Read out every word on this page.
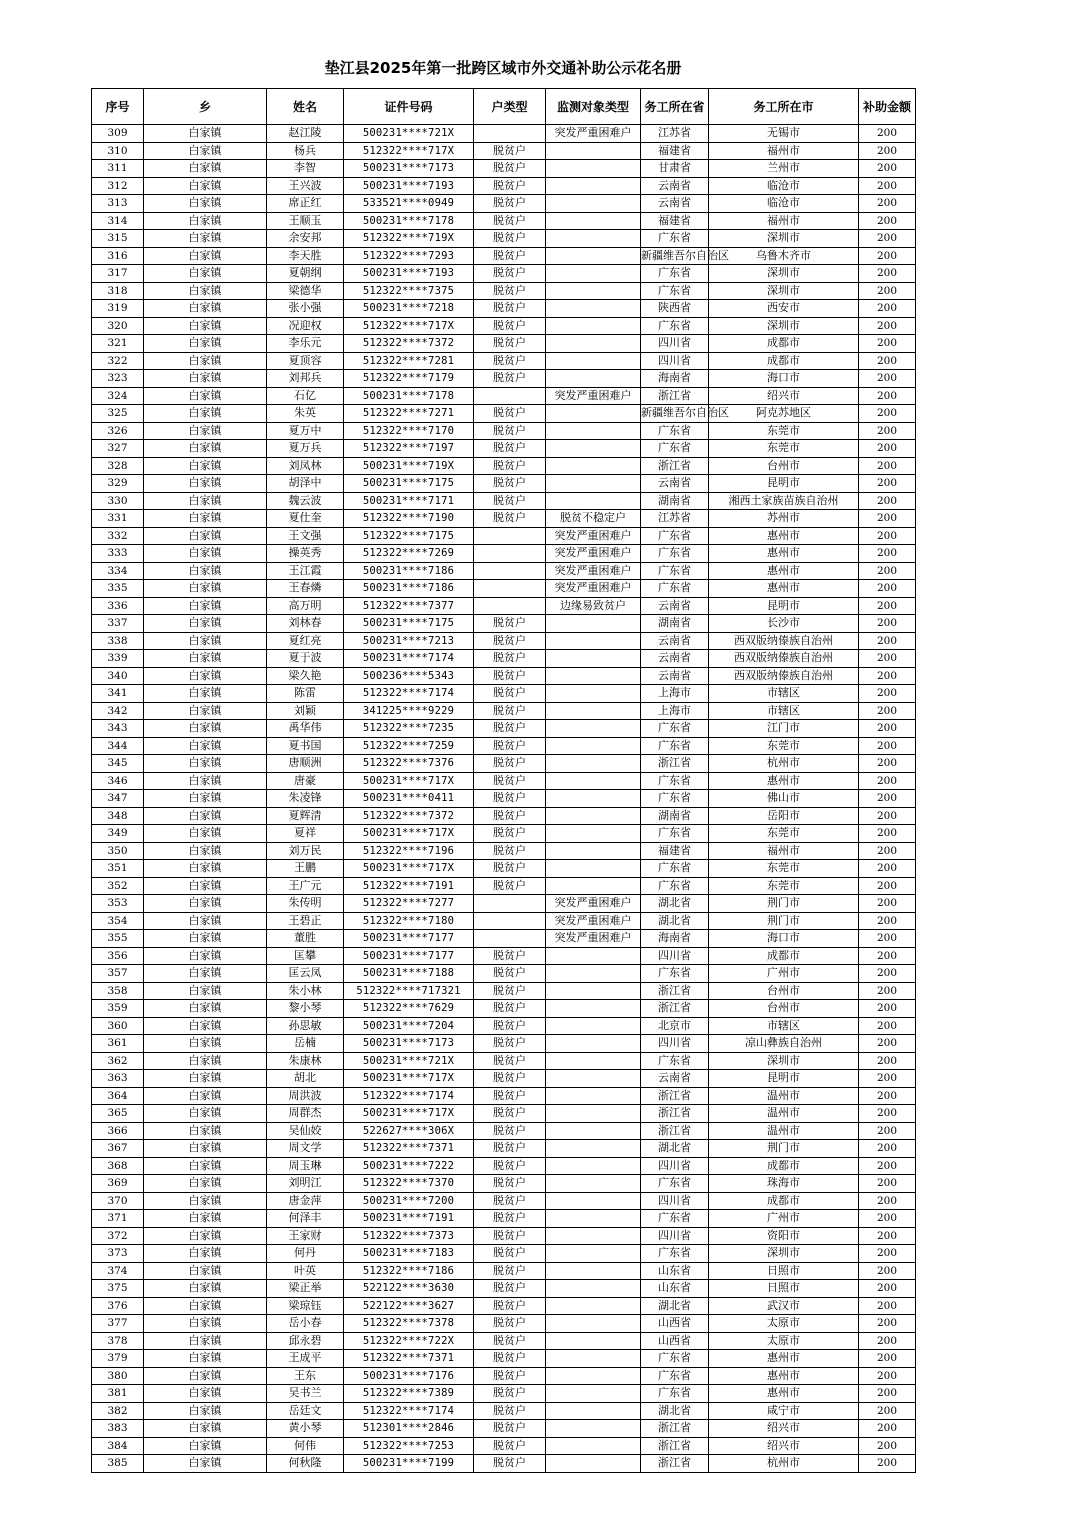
垫江县2025年第一批跨区域市外交通补助公示花名册
序号	乡	姓名	证件号码	户类型	监测对象类型	务工所在省	务工所在市	补助金额
309	白家镇	赵江陵	500231****721X		突发严重困难户	江苏省	无锡市	200
310	白家镇	杨兵	512322****717X	脱贫户		福建省	福州市	200
311	白家镇	李智	500231****7173	脱贫户		甘肃省	兰州市	200
312	白家镇	王兴波	500231****7193	脱贫户		云南省	临沧市	200
313	白家镇	席正红	533521****0949	脱贫户		云南省	临沧市	200
314	白家镇	王顺玉	500231****7178	脱贫户		福建省	福州市	200
315	白家镇	余安邦	512322****719X	脱贫户		广东省	深圳市	200
316	白家镇	李天胜	512322****7293	脱贫户		新疆维吾尔自治区	乌鲁木齐市	200
317	白家镇	夏朝纲	500231****7193	脱贫户		广东省	深圳市	200
318	白家镇	梁德华	512322****7375	脱贫户		广东省	深圳市	200
319	白家镇	张小强	500231****7218	脱贫户		陕西省	西安市	200
320	白家镇	况迎权	512322****717X	脱贫户		广东省	深圳市	200
321	白家镇	李乐元	512322****7372	脱贫户		四川省	成都市	200
322	白家镇	夏顶容	512322****7281	脱贫户		四川省	成都市	200
323	白家镇	刘邦兵	512322****7179	脱贫户		海南省	海口市	200
324	白家镇	石亿	500231****7178		突发严重困难户	浙江省	绍兴市	200
325	白家镇	朱英	512322****7271	脱贫户		新疆维吾尔自治区	阿克苏地区	200
326	白家镇	夏万中	512322****7170	脱贫户		广东省	东莞市	200
327	白家镇	夏万兵	512322****7197	脱贫户		广东省	东莞市	200
328	白家镇	刘凤林	500231****719X	脱贫户		浙江省	台州市	200
329	白家镇	胡泽中	500231****7175	脱贫户		云南省	昆明市	200
330	白家镇	魏云波	500231****7171	脱贫户		湖南省	湘西土家族苗族自治州	200
331	白家镇	夏仕奎	512322****7190	脱贫户	脱贫不稳定户	江苏省	苏州市	200
332	白家镇	王文强	512322****7175		突发严重困难户	广东省	惠州市	200
333	白家镇	操英秀	512322****7269		突发严重困难户	广东省	惠州市	200
334	白家镇	王江霞	500231****7186		突发严重困难户	广东省	惠州市	200
335	白家镇	王春燐	500231****7186		突发严重困难户	广东省	惠州市	200
336	白家镇	高万明	512322****7377		边缘易致贫户	云南省	昆明市	200
337	白家镇	刘林春	500231****7175	脱贫户		湖南省	长沙市	200
338	白家镇	夏红亮	500231****7213	脱贫户		云南省	西双版纳傣族自治州	200
339	白家镇	夏于波	500231****7174	脱贫户		云南省	西双版纳傣族自治州	200
340	白家镇	梁久艳	500236****5343	脱贫户		云南省	西双版纳傣族自治州	200
341	白家镇	陈雷	512322****7174	脱贫户		上海市	市辖区	200
342	白家镇	刘颖	341225****9229	脱贫户		上海市	市辖区	200
343	白家镇	禹华伟	512322****7235	脱贫户		广东省	江门市	200
344	白家镇	夏书国	512322****7259	脱贫户		广东省	东莞市	200
345	白家镇	唐顺洲	512322****7376	脱贫户		浙江省	杭州市	200
346	白家镇	唐豪	500231****717X	脱贫户		广东省	惠州市	200
347	白家镇	朱凌锋	500231****0411	脱贫户		广东省	佛山市	200
348	白家镇	夏辉清	512322****7372	脱贫户		湖南省	岳阳市	200
349	白家镇	夏祥	500231****717X	脱贫户		广东省	东莞市	200
350	白家镇	刘万民	512322****7196	脱贫户		福建省	福州市	200
351	白家镇	王鹏	500231****717X	脱贫户		广东省	东莞市	200
352	白家镇	王广元	512322****7191	脱贫户		广东省	东莞市	200
353	白家镇	朱传明	512322****7277		突发严重困难户	湖北省	荆门市	200
354	白家镇	王碧正	512322****7180		突发严重困难户	湖北省	荆门市	200
355	白家镇	董胜	500231****7177		突发严重困难户	海南省	海口市	200
356	白家镇	匡攀	500231****7177	脱贫户		四川省	成都市	200
357	白家镇	匡云凤	500231****7188	脱贫户		广东省	广州市	200
358	白家镇	朱小林	512322****717321	脱贫户		浙江省	台州市	200
359	白家镇	黎小琴	512322****7629	脱贫户		浙江省	台州市	200
360	白家镇	孙思敏	500231****7204	脱贫户		北京市	市辖区	200
361	白家镇	岳楠	500231****7173	脱贫户		四川省	凉山彝族自治州	200
362	白家镇	朱康林	500231****721X	脱贫户		广东省	深圳市	200
363	白家镇	胡北	500231****717X	脱贫户		云南省	昆明市	200
364	白家镇	周洪波	512322****7174	脱贫户		浙江省	温州市	200
365	白家镇	周群杰	500231****717X	脱贫户		浙江省	温州市	200
366	白家镇	吴仙姣	522627****306X	脱贫户		浙江省	温州市	200
367	白家镇	周文学	512322****7371	脱贫户		湖北省	荆门市	200
368	白家镇	周玉琳	500231****7222	脱贫户		四川省	成都市	200
369	白家镇	刘明江	512322****7370	脱贫户		广东省	珠海市	200
370	白家镇	唐金萍	500231****7200	脱贫户		四川省	成都市	200
371	白家镇	何泽丰	500231****7191	脱贫户		广东省	广州市	200
372	白家镇	王家财	512322****7373	脱贫户		四川省	资阳市	200
373	白家镇	何丹	500231****7183	脱贫户		广东省	深圳市	200
374	白家镇	叶英	512322****7186	脱贫户		山东省	日照市	200
375	白家镇	梁正举	522122****3630	脱贫户		山东省	日照市	200
376	白家镇	梁琼钰	522122****3627	脱贫户		湖北省	武汉市	200
377	白家镇	岳小春	512322****7378	脱贫户		山西省	太原市	200
378	白家镇	邱永碧	512322****722X	脱贫户		山西省	太原市	200
379	白家镇	王成平	512322****7371	脱贫户		广东省	惠州市	200
380	白家镇	王东	500231****7176	脱贫户		广东省	惠州市	200
381	白家镇	吴书兰	512322****7389	脱贫户		广东省	惠州市	200
382	白家镇	岳廷文	512322****7174	脱贫户		湖北省	咸宁市	200
383	白家镇	黄小琴	512301****2846	脱贫户		浙江省	绍兴市	200
384	白家镇	何伟	512322****7253	脱贫户		浙江省	绍兴市	200
385	白家镇	何秋隆	500231****7199	脱贫户		浙江省	杭州市	200
